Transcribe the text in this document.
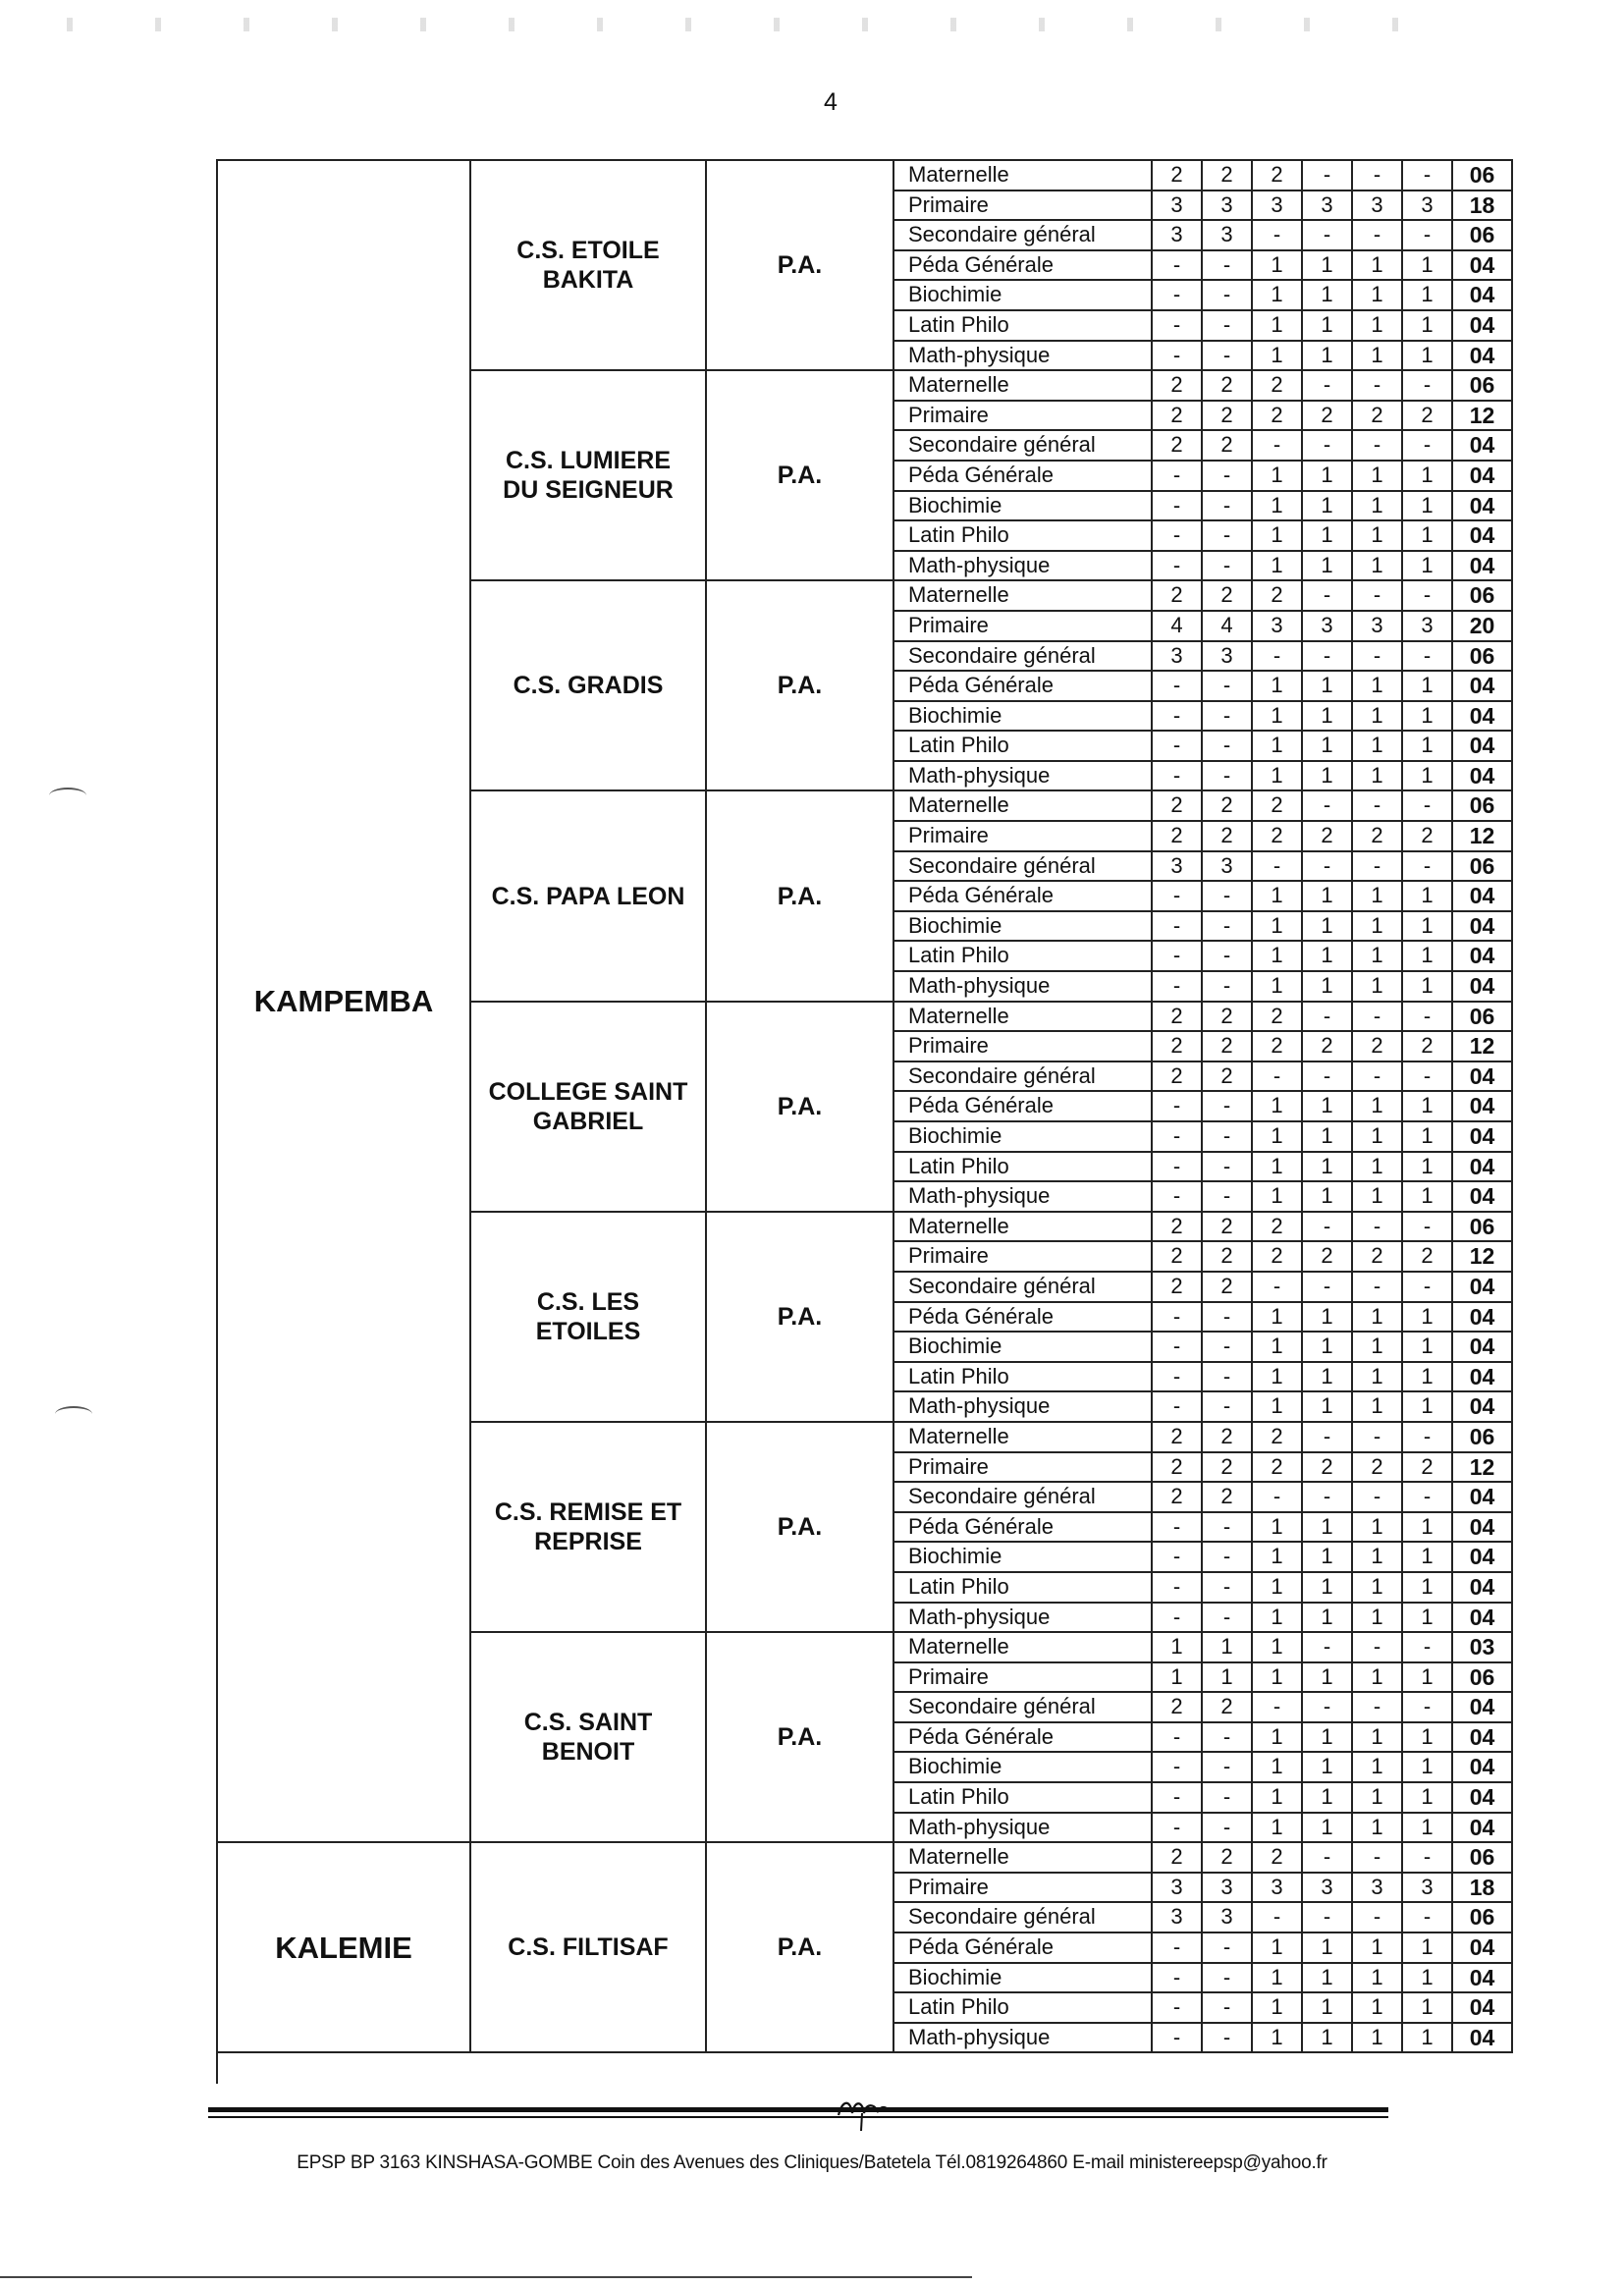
4
KAMPEMBA
C.S. ETOILE BAKITA
P.A.
Maternelle	2	2	2	-	-	-	06
Primaire	3	3	3	3	3	3	18
Secondaire général	3	3	-	-	-	-	06
Péda Générale	-	-	1	1	1	1	04
Biochimie	-	-	1	1	1	1	04
Latin Philo	-	-	1	1	1	1	04
Math-physique	-	-	1	1	1	1	04
C.S. LUMIERE DU SEIGNEUR
P.A.
Maternelle	2	2	2	-	-	-	06
Primaire	2	2	2	2	2	2	12
Secondaire général	2	2	-	-	-	-	04
Péda Générale	-	-	1	1	1	1	04
Biochimie	-	-	1	1	1	1	04
Latin Philo	-	-	1	1	1	1	04
Math-physique	-	-	1	1	1	1	04
C.S. GRADIS	P.A.
Maternelle	2	2	2	-	-	-	06
Primaire	4	4	3	3	3	3	20
Secondaire général	3	3	-	-	-	-	06
Péda Générale	-	-	1	1	1	1	04
Biochimie	-	-	1	1	1	1	04
Latin Philo	-	-	1	1	1	1	04
Math-physique	-	-	1	1	1	1	04
C.S. PAPA LEON	P.A.
Maternelle	2	2	2	-	-	-	06
Primaire	2	2	2	2	2	2	12
Secondaire général	3	3	-	-	-	-	06
Péda Générale	-	-	1	1	1	1	04
Biochimie	-	-	1	1	1	1	04
Latin Philo	-	-	1	1	1	1	04
Math-physique	-	-	1	1	1	1	04
COLLEGE SAINT GABRIEL
P.A.
Maternelle	2	2	2	-	-	-	06
Primaire	2	2	2	2	2	2	12
Secondaire général	2	2	-	-	-	-	04
Péda Générale	-	-	1	1	1	1	04
Biochimie	-	-	1	1	1	1	04
Latin Philo	-	-	1	1	1	1	04
Math-physique	-	-	1	1	1	1	04
C.S. LES ETOILES
P.A.
Maternelle	2	2	2	-	-	-	06
Primaire	2	2	2	2	2	2	12
Secondaire général	2	2	-	-	-	-	04
Péda Générale	-	-	1	1	1	1	04
Biochimie	-	-	1	1	1	1	04
Latin Philo	-	-	1	1	1	1	04
Math-physique	-	-	1	1	1	1	04
C.S. REMISE ET REPRISE
P.A.
Maternelle	2	2	2	-	-	-	06
Primaire	2	2	2	2	2	2	12
Secondaire général	2	2	-	-	-	-	04
Péda Générale	-	-	1	1	1	1	04
Biochimie	-	-	1	1	1	1	04
Latin Philo	-	-	1	1	1	1	04
Math-physique	-	-	1	1	1	1	04
C.S. SAINT BENOIT
P.A.
Maternelle	1	1	1	-	-	-	03
Primaire	1	1	1	1	1	1	06
Secondaire général	2	2	-	-	-	-	04
Péda Générale	-	-	1	1	1	1	04
Biochimie	-	-	1	1	1	1	04
Latin Philo	-	-	1	1	1	1	04
Math-physique	-	-	1	1	1	1	04
KALEMIE	C.S. FILTISAF	P.A.
Maternelle	2	2	2	-	-	-	06
Primaire	3	3	3	3	3	3	18
Secondaire général	3	3	-	-	-	-	06
Péda Générale	-	-	1	1	1	1	04
Biochimie	-	-	1	1	1	1	04
Latin Philo	-	-	1	1	1	1	04
Math-physique	-	-	1	1	1	1	04
EPSP BP 3163 KINSHASA-GOMBE Coin des Avenues des Cliniques/Batetela Tél.0819264860 E-mail ministereepsp@yahoo.fr
